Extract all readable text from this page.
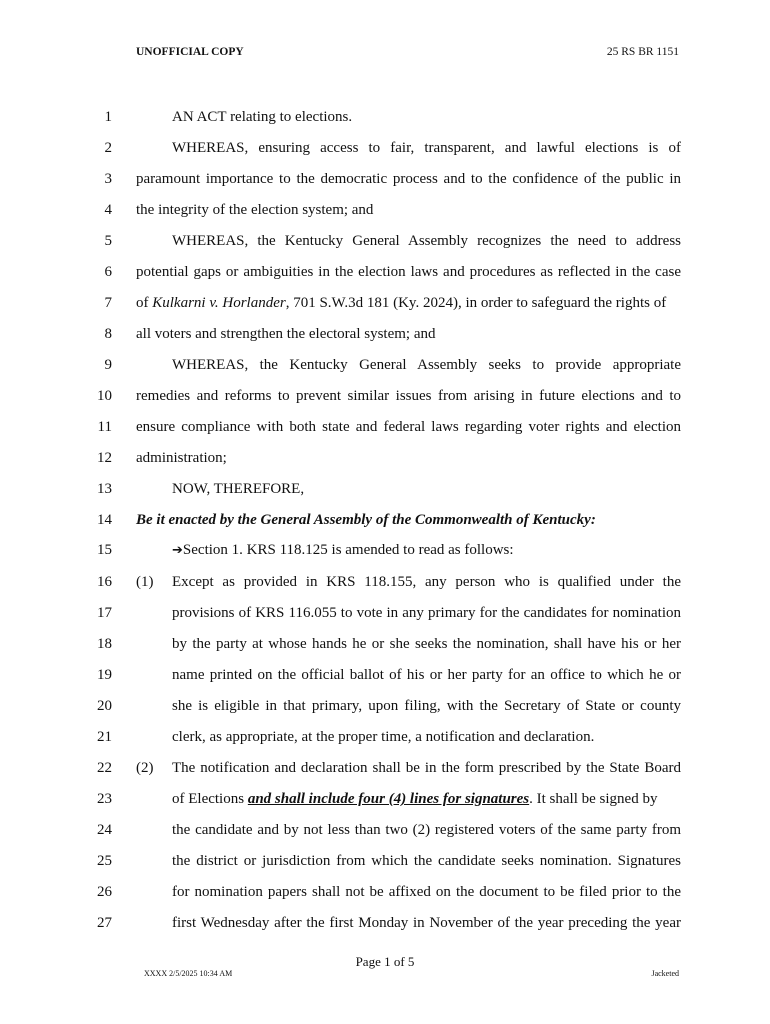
UNOFFICIAL COPY	25 RS BR 1151
1	AN ACT relating to elections.
2	WHEREAS, ensuring access to fair, transparent, and lawful elections is of
3 paramount importance to the democratic process and to the confidence of the public in
4 the integrity of the election system; and
5	WHEREAS, the Kentucky General Assembly recognizes the need to address
6 potential gaps or ambiguities in the election laws and procedures as reflected in the case
7 of Kulkarni v. Horlander, 701 S.W.3d 181 (Ky. 2024), in order to safeguard the rights of
8 all voters and strengthen the electoral system; and
9	WHEREAS, the Kentucky General Assembly seeks to provide appropriate
10 remedies and reforms to prevent similar issues from arising in future elections and to
11 ensure compliance with both state and federal laws regarding voter rights and election
12 administration;
13	NOW, THEREFORE,
14 Be it enacted by the General Assembly of the Commonwealth of Kentucky:
15	➔Section 1. KRS 118.125 is amended to read as follows:
16 (1) Except as provided in KRS 118.155, any person who is qualified under the
17	provisions of KRS 116.055 to vote in any primary for the candidates for nomination
18	by the party at whose hands he or she seeks the nomination, shall have his or her
19	name printed on the official ballot of his or her party for an office to which he or
20	she is eligible in that primary, upon filing, with the Secretary of State or county
21	clerk, as appropriate, at the proper time, a notification and declaration.
22 (2) The notification and declaration shall be in the form prescribed by the State Board
23	of Elections and shall include four (4) lines for signatures. It shall be signed by
24	the candidate and by not less than two (2) registered voters of the same party from
25	the district or jurisdiction from which the candidate seeks nomination. Signatures
26	for nomination papers shall not be affixed on the document to be filed prior to the
27	first Wednesday after the first Monday in November of the year preceding the year
Page 1 of 5
XXXX 2/5/2025 10:34 AM	Jacketed
